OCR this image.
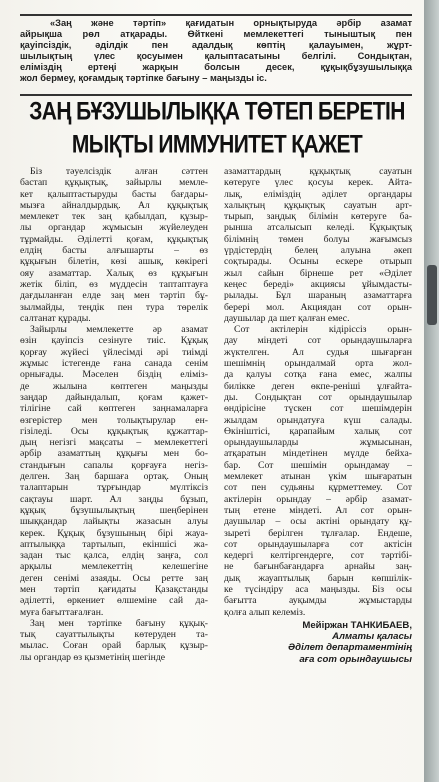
«Заң және тәртіп» қағидатын орнықтыруда әрбір азамат
айрықша рөл атқарады. Өйткені мемлекеттегі тыныштық пен
қауіпсіздік, әділдік пен адалдық көптің қалауымен, жұрт-
шылықтың үлес қосуымен қалыптасатыны белгілі. Сондықтан,
еліміздің ертеңі жарқын болсын десек, құқықбұзушылыққа
жол бермеу, қоғамдық тәртіпке бағыну – маңызды іс.

ЗАҢ БҰЗУШЫЛЫҚҚА ТӨТЕП БЕРЕТІН
МЫҚТЫ ИММУНИТЕТ ҚАЖЕТ
Біз тәуелсіздік алған сәттен
бастап құқықтық, зайырлы мемле-
кет қалыптастыруды басты бағдары-
мызға айналдырдық. Ал құқықтық
мемлекет тек заң қабылдап, құзыр-
лы органдар жұмысын жүйелеуден
тұрмайды. Әділетті қоғам, құқықтық
елдің басты алғышарты – өз
құқығын білетін, көзі ашық, көкірегі
ояу азаматтар. Халық өз құқығын
жетік біліп, өз мүддесін таптаптауға
дағдыланған елде заң мен тәртіп бұ-
зылмайды, теңдік пен тура төрелік
салтанат құрады.
Зайырлы мемлекетте әр азамат
өзін қауіпсіз сезінуге тиіс. Құқық
қорғау жүйесі үйлесімді әрі тиімді
жұмыс істегенде ғана санада сенім
орнығады. Мәселен біздің еліміз-
де жылына көптеген маңызды
заңдар дайындалып, қоғам қажет-
тілігіне сай көптеген заңнамаларға
өзгерістер мен толықтырулар ен-
гізіледі. Осы құқықтық құжаттар-
дың негізгі мақсаты – мемлекеттегі
әрбір азаматтың құқығы мен бо-
стандығын сапалы қорғауға негіз-
делген. Заң баршаға ортақ. Оның
талаптарын тұрғындар мүлтіксіз
сақтауы шарт. Ал заңды бұзып,
құқық бұзушылықтың шеңберінен
шыққандар лайықты жазасын алуы
керек. Құқық бұзушының бірі жауа-
аптылыққа тартылып, екіншісі жа-
задан тыс қалса, елдің заңға, сол
арқылы мемлекеттің келешегіне
деген сенімі азаяды. Осы ретте заң
мен тәртіп қағидаты Қазақстанды
әділетті, өркениет өлшеміне сай да-
муға бағыттағалған.
Заң мен тәртіпке бағыну құқық-
тық сауаттылықты көтеруден та-
мылас. Соған орай барлық құзыр-
лы органдар өз қызметінің шегінде
азаматтардың құқықтық сауатын
көтеруге үлес қосуы керек. Айта-
лық, еліміздің әділет органдары
халықтың құқықтық сауатын арт-
тырып, заңдық білімін көтеруге ба-
рынша атсалысып келеді. Құқықтық
білімнің төмен болуы жағымсыз
үрдістердің белең алуына әкеп
соқтырады. Осыны ескере отырып
жыл сайын бірнеше рет «Әділет
кеңес береді» акциясы ұйымдасты-
рылады. Бұл шараның азаматтарға
берері мол. Акциядан сот орын-
даушылар да шет қалған емес.
Сот актілерін кідіріссіз орын-
дау міндеті сот орындаушыларға
жүктелген. Ал судья шығарған
шешімнің орындалмай орта жол-
да қалуы сотқа ғана емес, жалпы
билікке деген өкпе-реніші ұлғайта-
ды. Сондықтан сот орындаушылар
өндірісіне түскен сот шешімдерін
жылдам орындатуға күш салады.
Өкініштісі, қарапайым халық сот
орындаушыларды жұмысынан,
атқаратын міндетінен мүлде бейха-
бар. Сот шешімін орындамау –
мемлекет атынан үкім шығаратын
сот пен судьяны құрметтемеу. Сот
актілерін орындау – әрбір азамат-
тың етене міндеті. Ал сот орын-
даушылар – осы актіні орындату құ-
зыреті берілген тұлғалар. Ендеше,
сот орындаушыларға сот актісін
кедергі келтіргендерге, сот тәртібі-
не бағынбағандарға арнайы заң-
дық жауаптылық барын көпшілік-
ке түсіндіру аса маңызды. Біз осы
бағытта ауқымды жұмыстарды
қолға алып келеміз.
Мейіржан ТАНКИБАЕВ,
Алматы қаласы
Әділет департаментінің
аға сот орындаушысы
